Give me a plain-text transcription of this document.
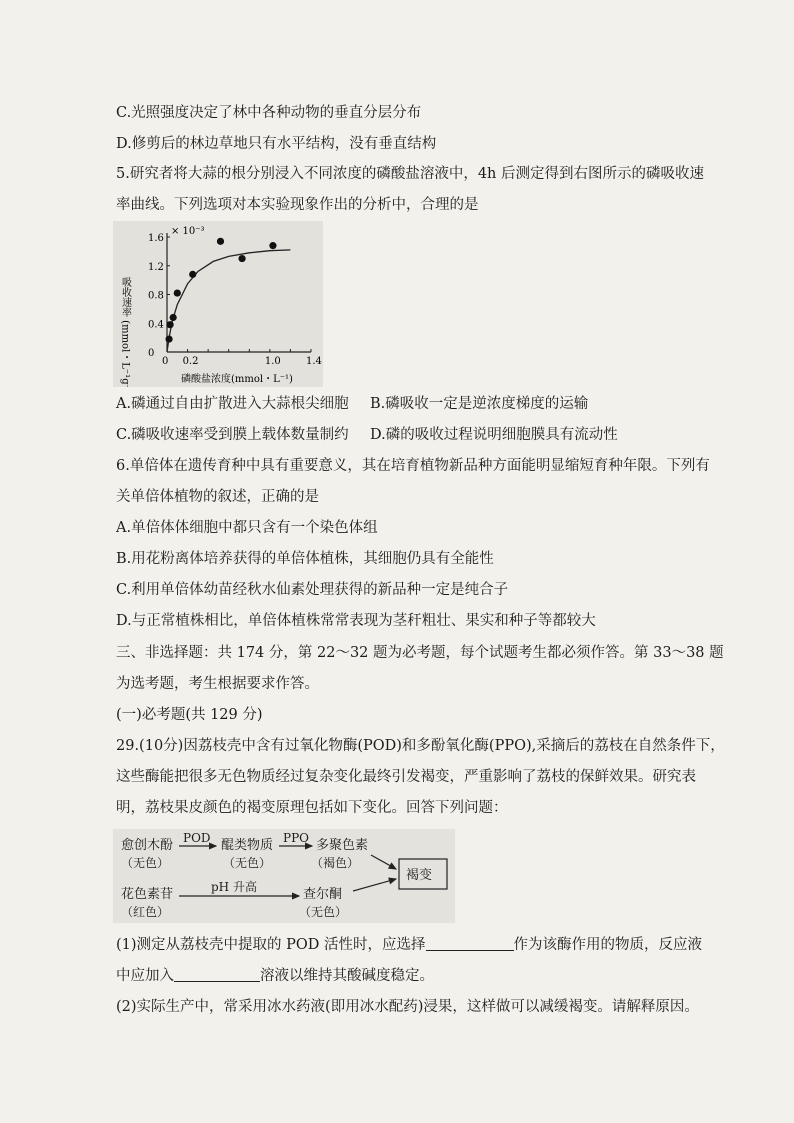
C.光照强度决定了林中各种动物的垂直分层分布
D.修剪后的林边草地只有水平结构，没有垂直结构
5.研究者将大蒜的根分别浸入不同浓度的磷酸盐溶液中，4h 后测定得到右图所示的磷吸收速
率曲线。下列选项对本实验现象作出的分析中，合理的是
0 0.2	1.0	1.4
0
0.4
0.8
1.2
1.6
× 10⁻³
磷酸盐浓度(mmol・L⁻¹)
吸收速率 (mmol・L⁻¹g⁻¹h⁻¹)
A.磷通过自由扩散进入大蒜根尖细胞 B.磷吸收一定是逆浓度梯度的运输
C.磷吸收速率受到膜上载体数量制约 D.磷的吸收过程说明细胞膜具有流动性
6.单倍体在遗传育种中具有重要意义，其在培育植物新品种方面能明显缩短育种年限。下列有
关单倍体植物的叙述，正确的是
A.单倍体体细胞中都只含有一个染色体组
B.用花粉离体培养获得的单倍体植株，其细胞仍具有全能性
C.利用单倍体幼苗经秋水仙素处理获得的新品种一定是纯合子
D.与正常植株相比，单倍体植株常常表现为茎秆粗壮、果实和种子等都较大
三、非选择题：共 174 分，第 22～32 题为必考题，每个试题考生都必须作答。第 33～38 题
为选考题，考生根据要求作答。
(一)必考题(共 129 分)
29.(10分)因荔枝壳中含有过氧化物酶(POD)和多酚氧化酶(PPO),采摘后的荔枝在自然条件下，
这些酶能把很多无色物质经过复杂变化最终引发褐变，严重影响了荔枝的保鲜效果。研究表
明，荔枝果皮颜色的褐变原理包括如下变化。回答下列问题：
愈创木酚
（无色）
POD 醌类物质
（无色）
PPO 多聚色素
（褐色）
花色素苷
（红色）
pH 升高	查尔酮
（无色）
褐变
(1)测定从荔枝壳中提取的 POD 活性时，应选择	作为该酶作用的物质，反应液
中应加入	溶液以维持其酸碱度稳定。
(2)实际生产中，常采用冰水药液(即用冰水配药)浸果，这样做可以减缓褐变。请解释原因。
